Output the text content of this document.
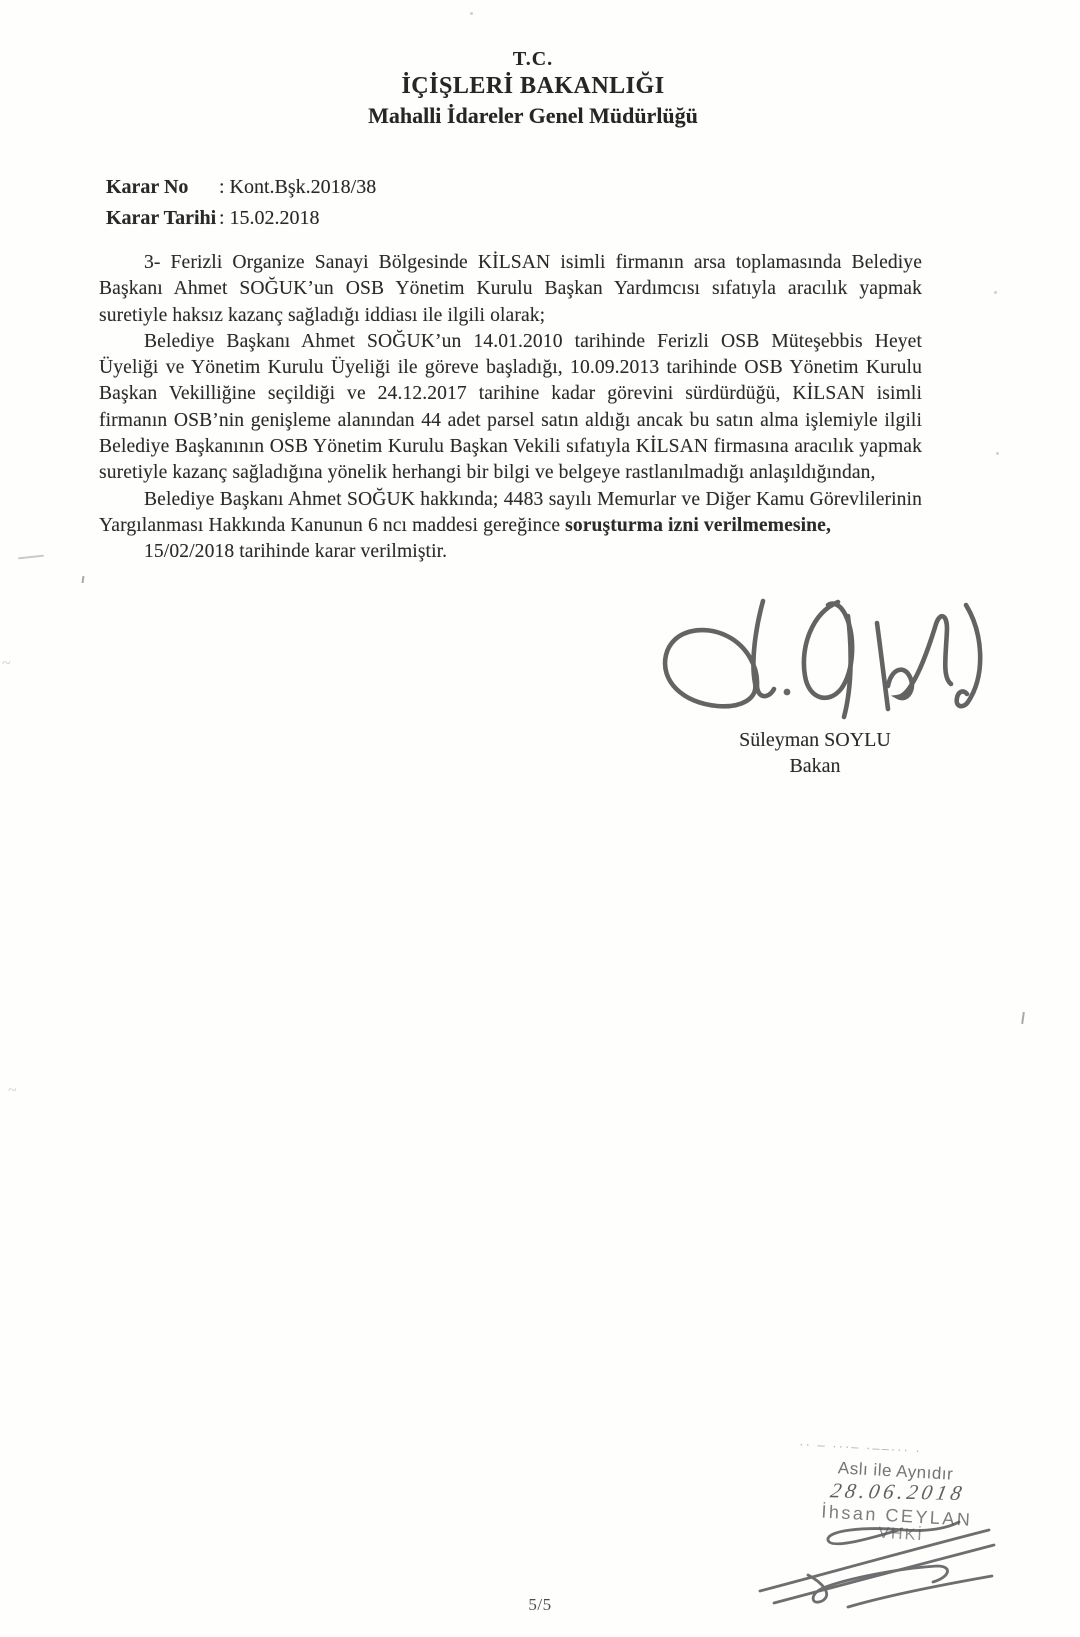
T.C.
İÇİŞLERİ BAKANLIĞI
Mahalli İdareler Genel Müdürlüğü
Karar No	: Kont.Bşk.2018/38
Karar Tarihi : 15.02.2018

3- Ferizli Organize Sanayi Bölgesinde KİLSAN isimli firmanın arsa toplamasında Belediye Başkanı Ahmet SOĞUK’un OSB Yönetim Kurulu Başkan Yardımcısı sıfatıyla aracılık yapmak suretiyle haksız kazanç sağladığı iddiası ile ilgili olarak;

Belediye Başkanı Ahmet SOĞUK’un 14.01.2010 tarihinde Ferizli OSB Müteşebbis Heyet Üyeliği ve Yönetim Kurulu Üyeliği ile göreve başladığı, 10.09.2013 tarihinde OSB Yönetim Kurulu Başkan Vekilliğine seçildiği ve 24.12.2017 tarihine kadar görevini sürdürdüğü, KİLSAN isimli firmanın OSB’nin genişleme alanından 44 adet parsel satın aldığı ancak bu satın alma işlemiyle ilgili Belediye Başkanının OSB Yönetim Kurulu Başkan Vekili sıfatıyla KİLSAN firmasına aracılık yapmak suretiyle kazanç sağladığına yönelik herhangi bir bilgi ve belgeye rastlanılmadığı anlaşıldığından,

Belediye Başkanı Ahmet SOĞUK hakkında; 4483 sayılı Memurlar ve Diğer Kamu Görevlilerinin Yargılanması Hakkında Kanunun 6 ncı maddesi gereğince soruşturma izni verilmemesine,

15/02/2018 tarihinde karar verilmiştir.

Süleyman SOYLU
Bakan
·· – ···– ·––··· ·
Aslı ile Aynıdır
28.06.2018
İhsan CEYLAN
VHKİ
5/5
~
~
